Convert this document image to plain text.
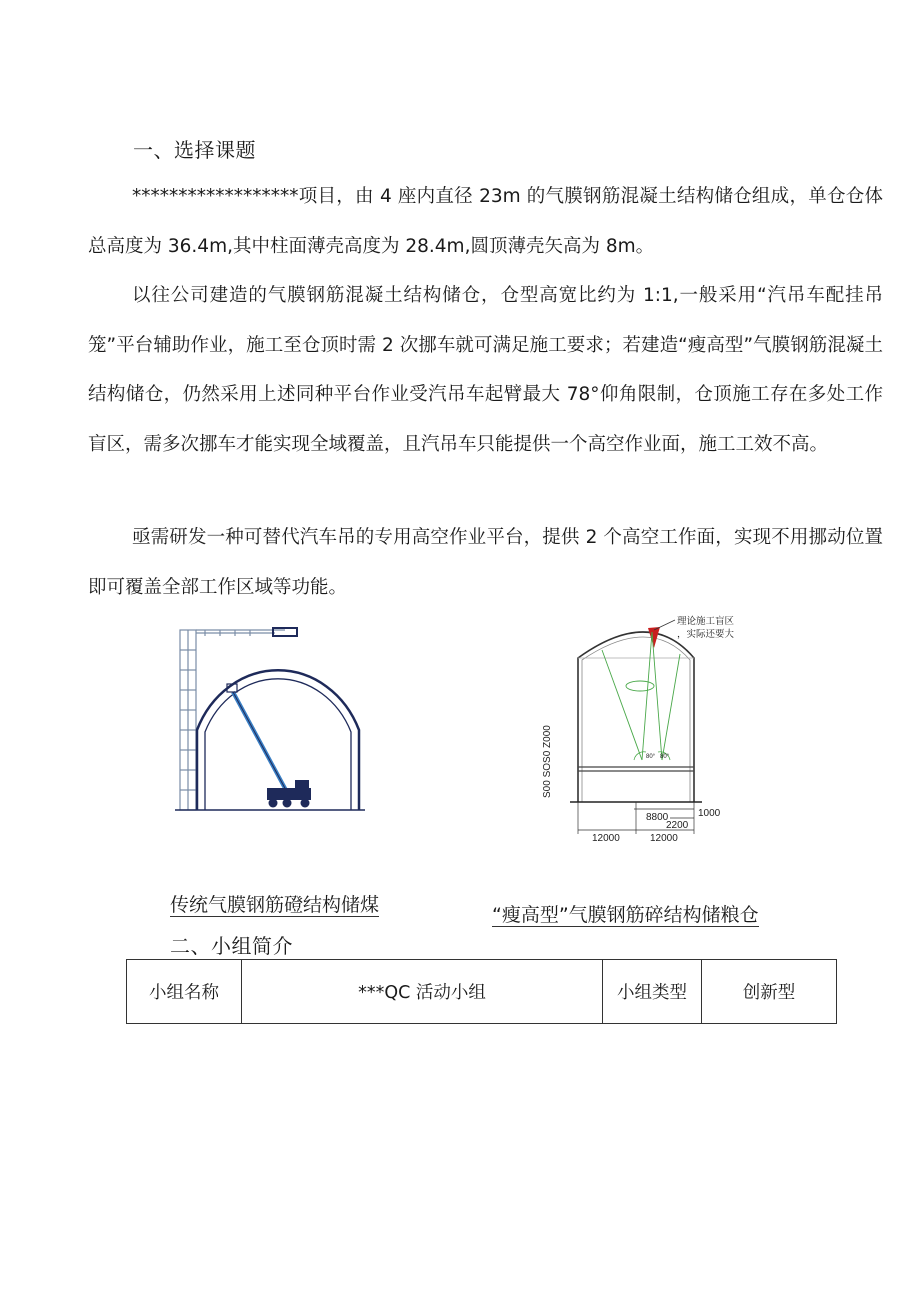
一、选择课题

******************项目，由 4 座内直径 23m 的气膜钢筋混凝土结构储仓组成，单仓仓体总高度为 36.4m,其中柱面薄壳高度为 28.4m,圆顶薄壳矢高为 8m。

以往公司建造的气膜钢筋混凝土结构储仓，仓型高宽比约为 1:1,一般采用“汽吊车配挂吊笼”平台辅助作业，施工至仓顶时需 2 次挪车就可满足施工要求；若建造“瘦高型”气膜钢筋混凝土结构储仓，仍然采用上述同种平台作业受汽吊车起臂最大 78°仰角限制，仓顶施工存在多处工作盲区，需多次挪车才能实现全域覆盖，且汽吊车只能提供一个高空作业面，施工工效不高。

亟需研发一种可替代汽车吊的专用高空作业平台，提供 2 个高空工作面，实现不用挪动位置即可覆盖全部工作区域等功能。

80° 80°
理论施工盲区
，实际还要大
S00 SOS0 Z000
8800	1000
2200
12000	12000
传统气膜钢筋磴结构储煤	“瘦高型”气膜钢筋碎结构储粮仓
二、小组简介
小组名称	***QC 活动小组	小组类型	创新型
